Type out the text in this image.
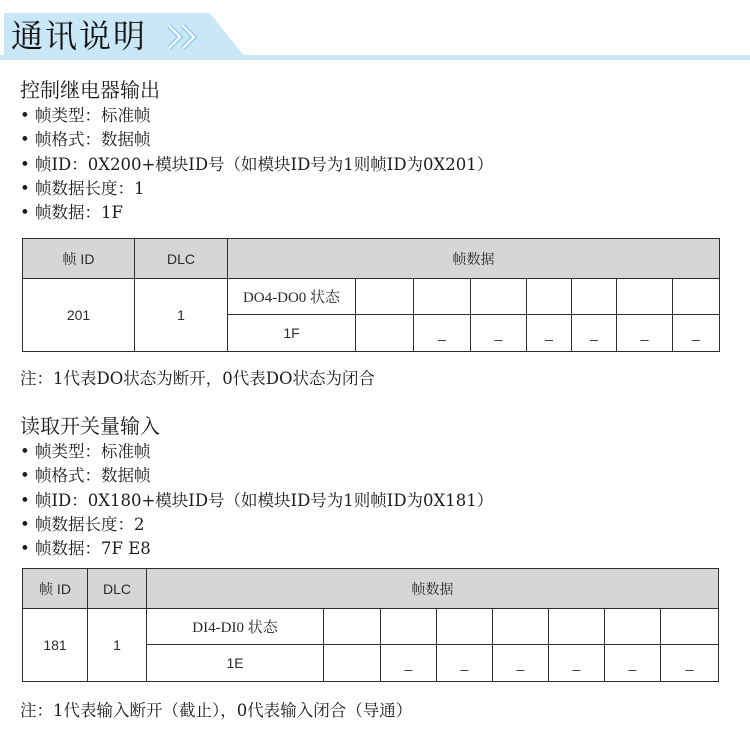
通讯说明
控制继电器输出
• 帧类型：标准帧
• 帧格式：数据帧
• 帧ID：0X200+模块ID号（如模块ID号为1则帧ID为0X201）
• 帧数据长度：1
• 帧数据：1F
帧 ID	DLC	帧数据							
201	1	DO4-DO0 状态							
		1F		_	_	_	_	_	_

注：1代表DO状态为断开，0代表DO状态为闭合

读取开关量输入
• 帧类型：标准帧
• 帧格式：数据帧
• 帧ID：0X180+模块ID号（如模块ID号为1则帧ID为0X181）
• 帧数据长度：2
• 帧数据：7F E8
帧 ID	DLC	帧数据							
181	1	DI4-DI0 状态							
		1E		_	_	_	_	_	_

注：1代表输入断开（截止），0代表输入闭合（导通）
